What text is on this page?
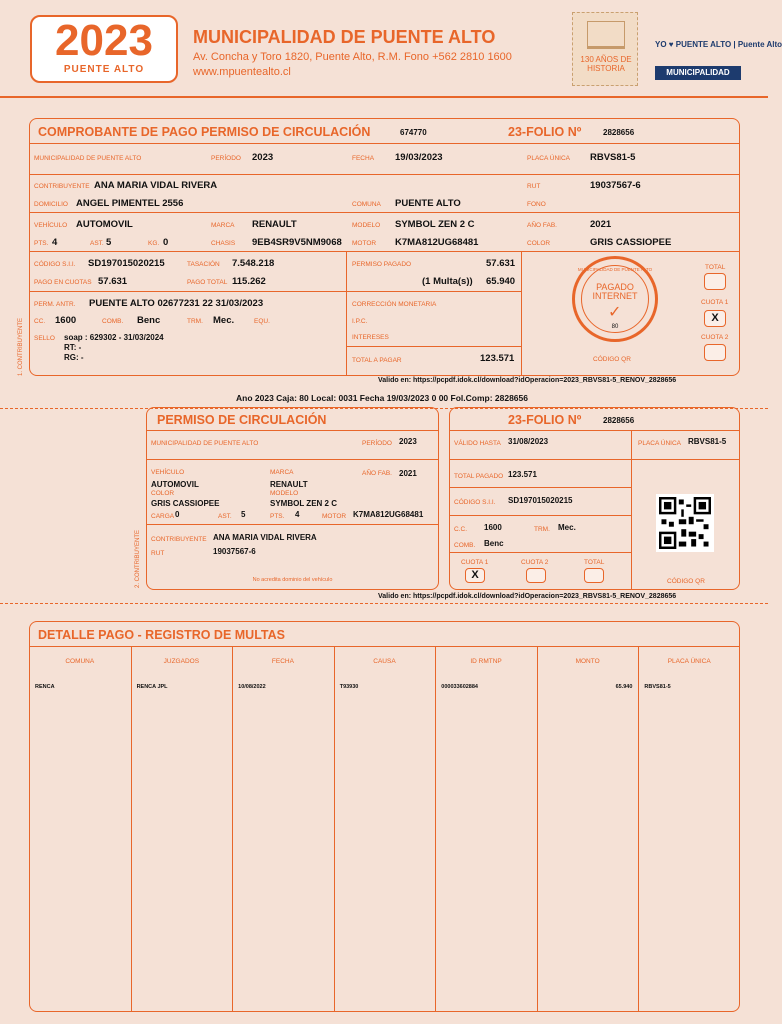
2023
PUENTE ALTO
MUNICIPALIDAD DE PUENTE ALTO
Av. Concha y Toro 1820, Puente Alto, R.M. Fono +562 2810 1600
www.mpuentealto.cl
130 AÑOS DE HISTORIA
YO ♥ PUENTE ALTO | Puente Alto
MUNICIPALIDAD
COMPROBANTE DE PAGO PERMISO DE CIRCULACIÓN	674770	23-FOLIO Nº	2828656
MUNICIPALIDAD DE PUENTE ALTO	PERÍODO 2023	FECHA 19/03/2023	PLACA ÚNICA RBVS81-5
CONTRIBUYENTE ANA MARIA VIDAL RIVERA	RUT	19037567-6
DOMICILIO ANGEL PIMENTEL 2556	COMUNA PUENTE ALTO	FONO
VEHÍCULO AUTOMOVIL	MARCA RENAULT	MODELO SYMBOL ZEN 2 C	AÑO FAB.	2021
PTS. 4	AST. 5	KG. 0	CHASIS 9EB4SR9V5NM9068 MOTOR K7MA812UG68481	COLOR	GRIS CASSIOPEE
CÓDIGO S.I.I. SD197015020215	TASACIÓN 7.548.218	PERMISO PAGADO	57.631
PAGO EN CUOTAS 57.631	PAGO TOTAL 115.262	(1 Multa(s)) 65.940
PERM. ANTR. PUENTE ALTO 02677231 22 31/03/2023	CORRECCIÓN MONETARIA
CC. 1600	COMB. Benc	TRM. Mec.	EQU.	I.P.C.
SELLO soap : 629302 - 31/03/2024
RT: -
RG: -
INTERESES
TOTAL A PAGAR	123.571
MUNICIPALIDAD DE PUENTE ALTO
PAGADO INTERNET
✓
80
CÓDIGO QR
TOTAL
CUOTA 1
X
CUOTA 2
1. CONTRIBUYENTE
Valido en: https://pcpdf.idok.cl/download?idOperacion=2023_RBVS81-5_RENOV_2828656
Ano 2023 Caja: 80 Local: 0031 Fecha 19/03/2023 0 00 Fol.Comp: 2828656
PERMISO DE CIRCULACIÓN
MUNICIPALIDAD DE PUENTE ALTO	PERÍODO 2023
VEHÍCULO
AUTOMOVIL
MARCA
RENAULT
AÑO FAB. 2021
COLOR
GRIS CASSIOPEE
MODELO
SYMBOL ZEN 2 C
CARGA 0	AST. 5	PTS. 4	MOTOR K7MA812UG68481
CONTRIBUYENTE ANA MARIA VIDAL RIVERA
RUT	19037567-6
No acredita dominio del vehículo
2. CONTRIBUYENTE
23-FOLIO Nº	2828656
VÁLIDO HASTA 31/08/2023	PLACA ÚNICA RBVS81-5
TOTAL PAGADO 123.571
CÓDIGO S.I.I. SD197015020215
C.C. 1600	TRM. Mec.
COMB. Benc
CUOTA 1
X
CUOTA 2	TOTAL
CÓDIGO QR
Valido en: https://pcpdf.idok.cl/download?idOperacion=2023_RBVS81-5_RENOV_2828656
DETALLE PAGO - REGISTRO DE MULTAS
COMUNA
RENCA
JUZGADOS
RENCA JPL
FECHA
10/08/2022
CAUSA
T93930
ID RMTNP
000033602884
MONTO
65.940
PLACA ÚNICA
RBVS81-5
